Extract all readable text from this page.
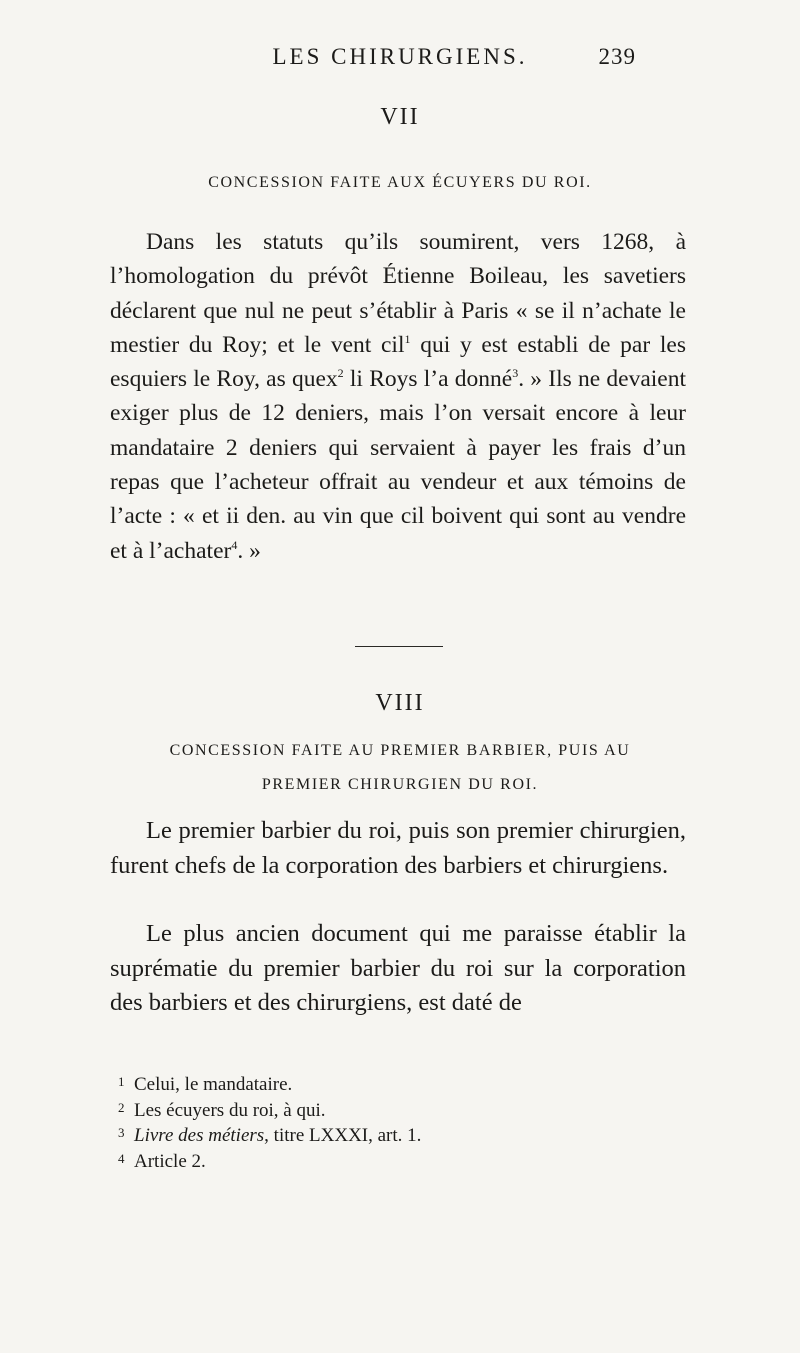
LES CHIRURGIENS.	239
VII
CONCESSION FAITE AUX ÉCUYERS DU ROI.

Dans les statuts qu’ils soumirent, vers 1268, à l’homologation du prévôt Étienne Boileau, les savetiers déclarent que nul ne peut s’établir à Paris « se il n’achate le mestier du Roy; et le vent cil$^1$ qui y est establi de par les esquiers le Roy, as quex$^2$ li Roys l’a donné$^3$. » Ils ne devaient exiger plus de 12 deniers, mais l’on versait encore à leur mandataire 2 deniers qui servaient à payer les frais d’un repas que l’acheteur offrait au vendeur et aux témoins de l’acte : « et ii den. au vin que cil boivent qui sont au vendre et à l’achater$^4$. »

VIII
CONCESSION FAITE AU PREMIER BARBIER, PUIS AU
PREMIER CHIRURGIEN DU ROI.

Le premier barbier du roi, puis son premier chirurgien, furent chefs de la corporation des barbiers et chirurgiens.

Le plus ancien document qui me paraisse établir la suprématie du premier barbier du roi sur la corporation des barbiers et des chirurgiens, est daté de

1 Celui, le mandataire.
2 Les écuyers du roi, à qui.
3 Livre des métiers, titre LXXXI, art. 1.
4 Article 2.
